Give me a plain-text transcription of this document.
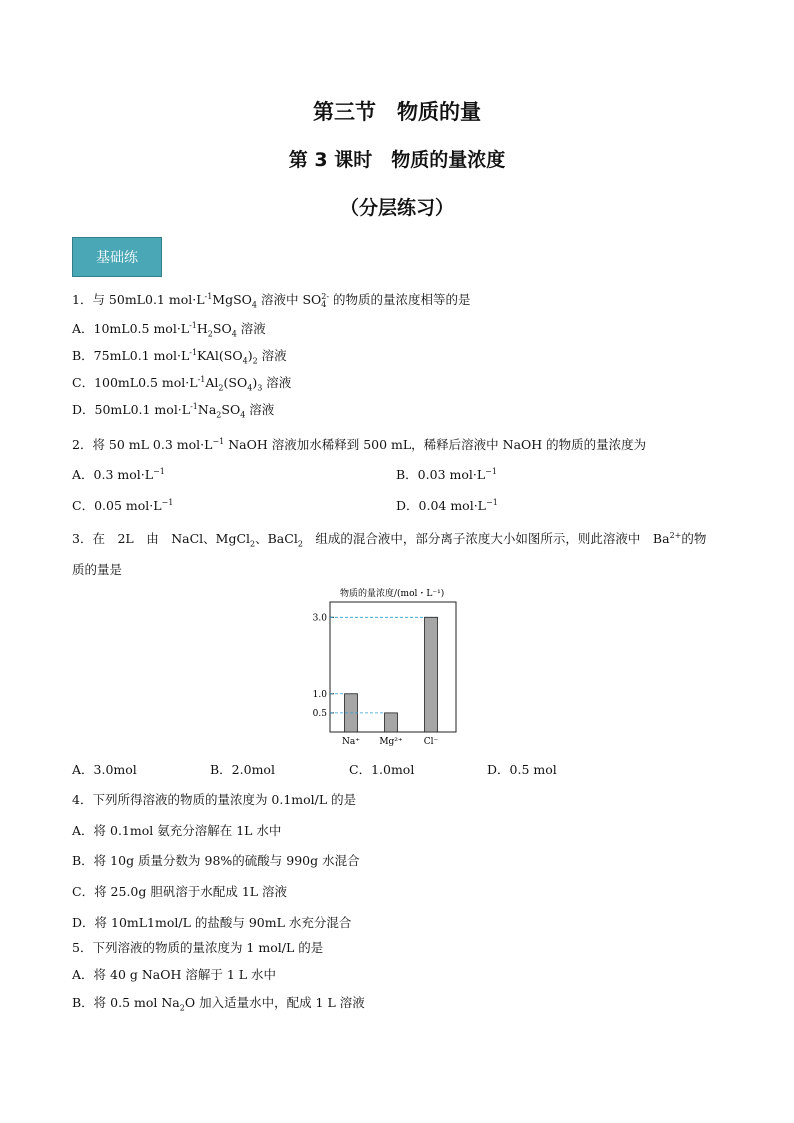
第三节　物质的量
第 3 课时　物质的量浓度
（分层练习）
基础练
1．与 50mL0.1 $mol\cdot L^{-1}MgSO_4$ 溶液中 SO 2-
4 的物质的量浓度相等的是
A．10mL0.5 $mol\cdot L^{-1}H_2SO_4$ 溶液
B．75mL0.1 $mol\cdot L^{-1}KAl(SO_4)_2$ 溶液
C．100mL0.5 $mol\cdot L^{-1}Al_2(SO_4)_3$ 溶液
D．50mL0.1 $mol\cdot L^{-1}Na_2SO_4$ 溶液
2．将 50 mL 0.3 $mol\cdot L^{-1}$ NaOH 溶液加水稀释到 500 mL，稀释后溶液中 NaOH 的物质的量浓度为
A．0.3 $mol\cdot L^{-1}$	B．0.03 $mol\cdot L^{-1}$
C．0.05 $mol\cdot L^{-1}$	D．0.04 $mol\cdot L^{-1}$
3．在　2L　由　NaCl、MgCl$_2$、BaCl$_2$　组成的混合液中，部分离子浓度大小如图所示，则此溶液中　$Ba^{2+}$的物
质的量是
物质的量浓度/(mol・L⁻¹)
3.0
1.0
0.5
Na⁺ Mg²⁺ Cl⁻
A．3.0mol	B．2.0mol	C．1.0mol	D．0.5 mol
4．下列所得溶液的物质的量浓度为 0.1mol/L 的是
A．将 0.1mol 氨充分溶解在 1L 水中
B．将 10g 质量分数为 98%的硫酸与 990g 水混合
C．将 25.0g 胆矾溶于水配成 1L 溶液
D．将 10mL1mol/L 的盐酸与 90mL 水充分混合
5．下列溶液的物质的量浓度为 1 mol/L 的是
A．将 40 g NaOH 溶解于 1 L 水中
B．将 0.5 mol $Na_2O$ 加入适量水中，配成 1 L 溶液
